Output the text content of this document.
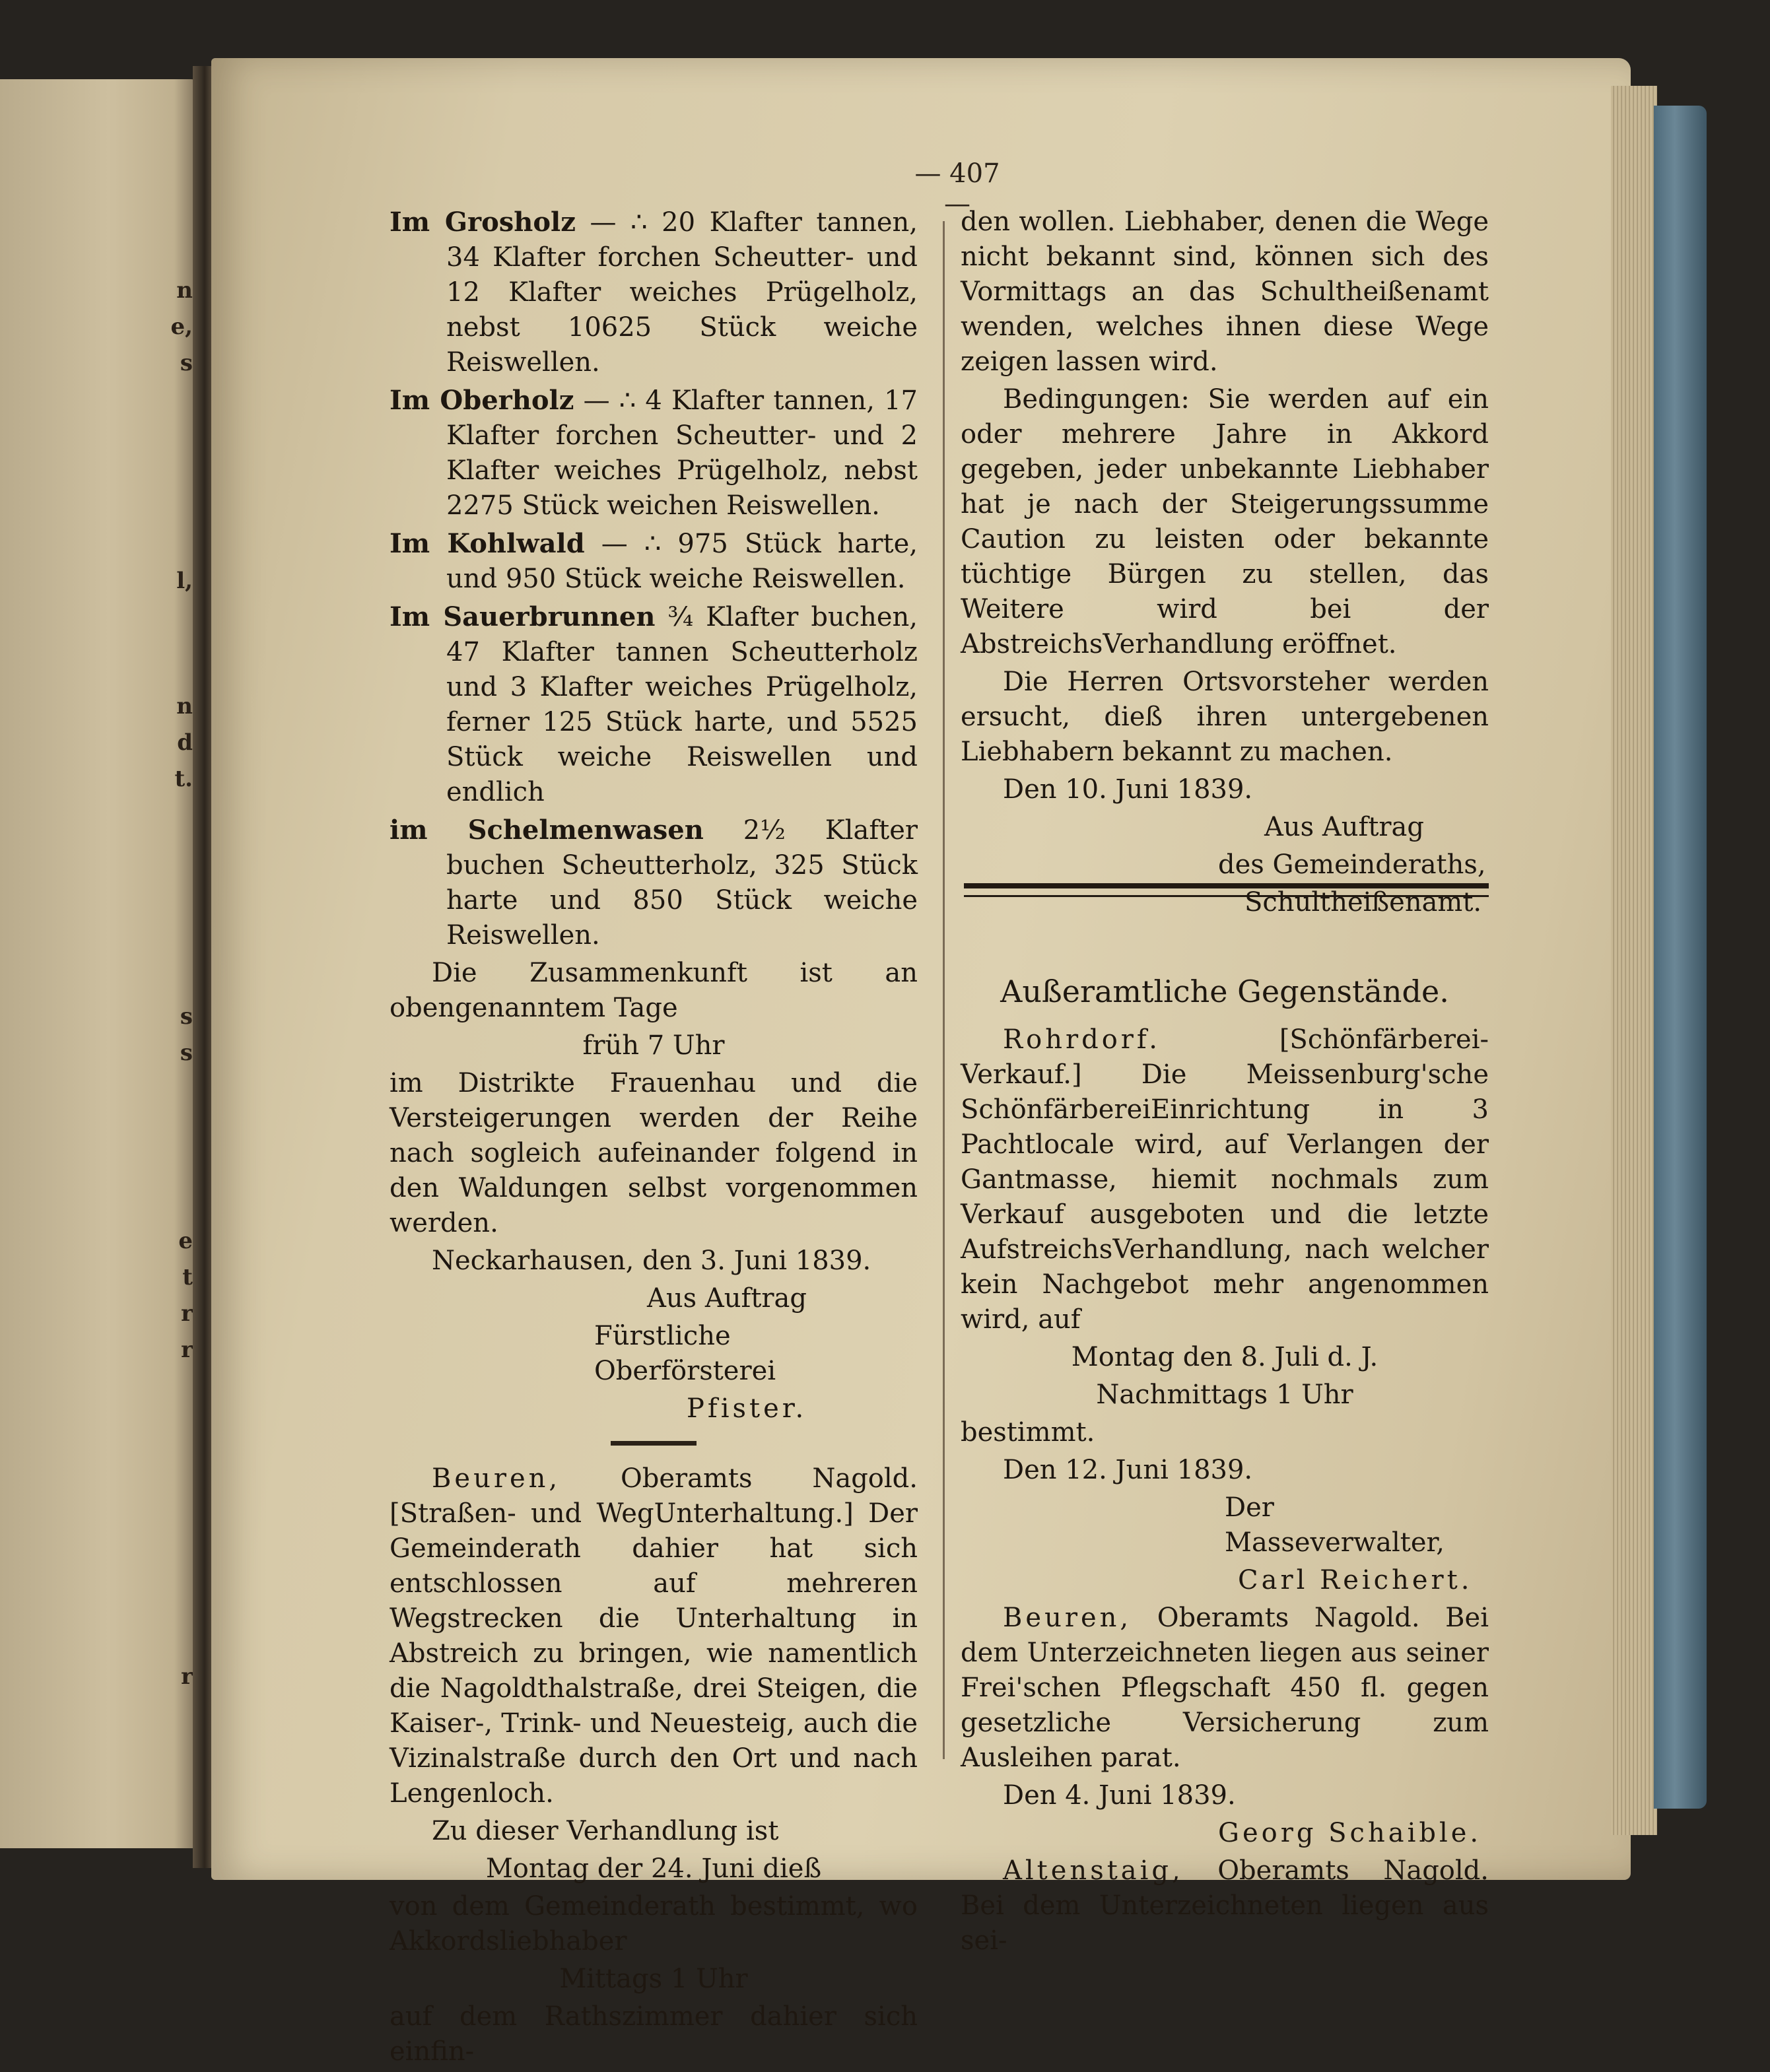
n
e,
s
l,
n
d
t.
s
s
e
t
r
r
r
— 407 —

Im Grosholz — ∴ 20 Klafter tannen, 34 Klafter forchen Scheutter- und 12 Klafter weiches Prügelholz, nebst 10625 Stück weiche Reiswellen.

Im Oberholz — ∴ 4 Klafter tannen, 17 Klafter forchen Scheutter- und 2 Klafter weiches Prügelholz, nebst 2275 Stück weichen Reiswellen.

Im Kohlwald — ∴ 975 Stück harte, und 950 Stück weiche Reiswellen.

Im Sauerbrunnen ¾ Klafter buchen, 47 Klafter tannen Scheutterholz und 3 Klafter weiches Prügelholz, ferner 125 Stück harte, und 5525 Stück weiche Reiswellen und endlich

im Schelmenwasen 2½ Klafter buchen Scheutterholz, 325 Stück harte und 850 Stück weiche Reiswellen.

Die Zusammenkunft ist an obengenanntem Tage

früh 7 Uhr

im Distrikte Frauenhau und die Versteigerungen werden der Reihe nach sogleich aufeinander folgend in den Waldungen selbst vorgenommen werden.

Neckarhausen, den 3. Juni 1839.

Aus Auftrag

Fürstliche Oberförsterei

Pfister.

Beuren, Oberamts Nagold. [Straßen- und WegUnterhaltung.] Der Gemeinderath dahier hat sich entschlossen auf mehreren Wegstrecken die Unterhaltung in Abstreich zu bringen, wie namentlich die Nagoldthalstraße, drei Steigen, die Kaiser-, Trink- und Neuesteig, auch die Vizinalstraße durch den Ort und nach Lengenloch.

Zu dieser Verhandlung ist

Montag der 24. Juni dieß

von dem Gemeinderath bestimmt, wo Akkordsliebhaber

Mittags 1 Uhr

auf dem Rathszimmer dahier sich einfin-

den wollen. Liebhaber, denen die Wege nicht bekannt sind, können sich des Vormittags an das Schultheißenamt wenden, welches ihnen diese Wege zeigen lassen wird.

Bedingungen: Sie werden auf ein oder mehrere Jahre in Akkord gegeben, jeder unbekannte Liebhaber hat je nach der Steigerungssumme Caution zu leisten oder bekannte tüchtige Bürgen zu stellen, das Weitere wird bei der AbstreichsVerhandlung eröffnet.

Die Herren Ortsvorsteher werden ersucht, dieß ihren untergebenen Liebhabern bekannt zu machen.

Den 10. Juni 1839.

Aus Auftrag

des Gemeinderaths,

Schultheißenamt.

Außeramtliche Gegenstände.

Rohrdorf.	[Schönfärberei-Verkauf.] Die Meissenburg'sche SchönfärbereiEinrichtung in 3 Pachtlocale wird, auf Verlangen der Gantmasse, hiemit nochmals zum Verkauf ausgeboten und die letzte AufstreichsVerhandlung, nach welcher kein Nachgebot mehr angenommen wird, auf

Montag den 8. Juli d. J.

Nachmittags 1 Uhr

bestimmt.

Den 12. Juni 1839.

Der Masseverwalter,

Carl Reichert.

Beuren, Oberamts Nagold. Bei dem Unterzeichneten liegen aus seiner Frei'schen Pflegschaft 450 fl. gegen gesetzliche Versicherung zum Ausleihen parat.

Den 4. Juni 1839.

Georg Schaible.

Altenstaig, Oberamts Nagold. Bei dem Unterzeichneten liegen aus sei-
